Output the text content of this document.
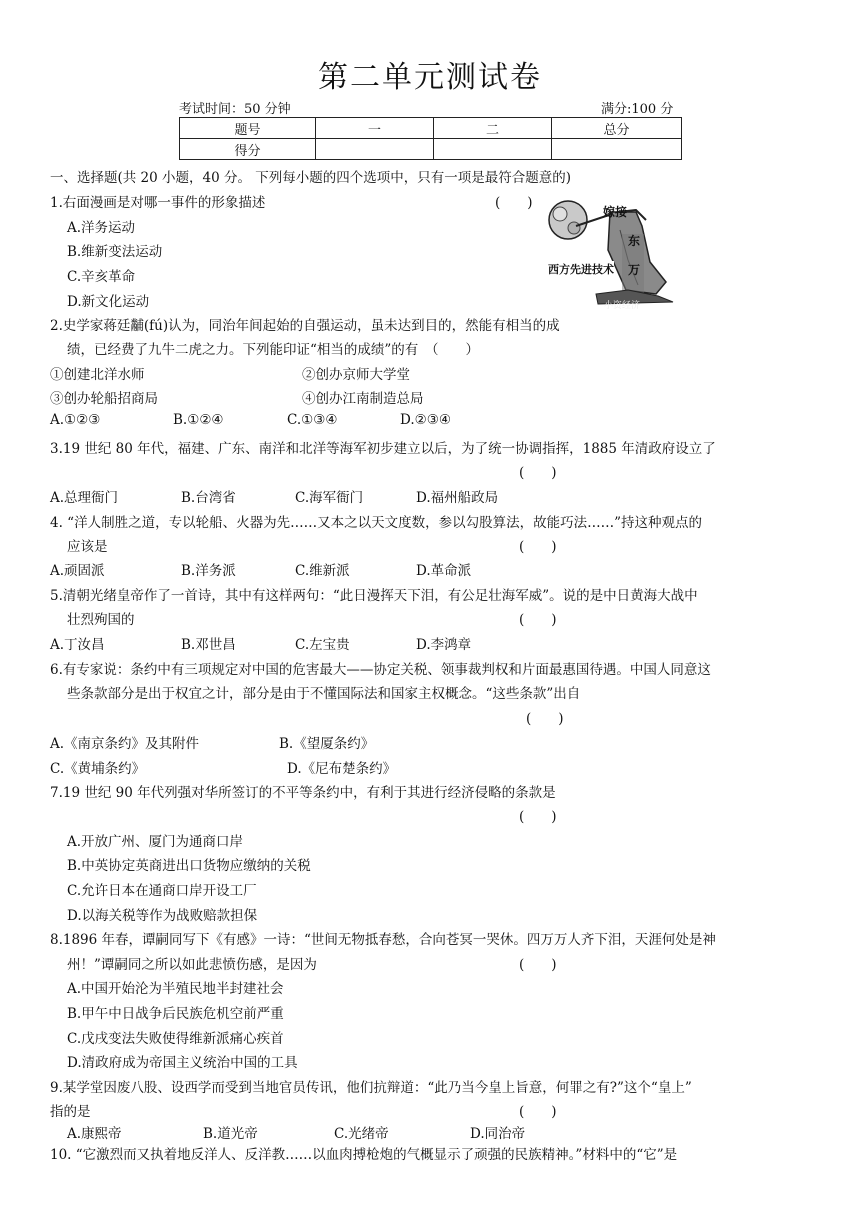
第二单元测试卷
考试时间：50 分钟	满分:100 分
题号	一	二	总分
得分			
一、选择题(共 20 小题，40 分。 下列每小题的四个选项中，只有一项是最符合题意的)
1.右面漫画是对哪一事件的形象描述	(　　)
A.洋务运动
B.维新变法运动
C.辛亥革命
D.新文化运动
嫁接
东
西方先进技术 万
小资经济
2.史学家蒋廷黼(fú)认为，同治年间起始的自强运动，虽未达到目的，然能有相当的成
绩，已经费了九牛二虎之力。下列能印证“相当的成绩”的有　（　　）
①创建北洋水师	②创办京师大学堂
③创办轮船招商局	④创办江南制造总局
A.①②③	B.①②④	C.①③④	D.②③④
3.19 世纪 80 年代，福建、广东、南洋和北洋等海军初步建立以后，为了统一协调指挥，1885 年清政府设立了
(　　)
A.总理衙门	B.台湾省	C.海军衙门	D.福州船政局
4. “洋人制胜之道，专以轮船、火器为先……又本之以天文度数，参以勾股算法，故能巧法……”持这种观点的
应该是	(　　)
A.顽固派	B.洋务派	C.维新派	D.革命派
5.清朝光绪皇帝作了一首诗，其中有这样两句：“此日漫挥天下泪，有公足壮海军威”。说的是中日黄海大战中
壮烈殉国的	(　　)
A.丁汝昌	B.邓世昌	C.左宝贵	D.李鸿章
6.有专家说：条约中有三项规定对中国的危害最大——协定关税、领事裁判权和片面最惠国待遇。中国人同意这
些条款部分是出于权宜之计，部分是由于不懂国际法和国家主权概念。“这些条款”出自
(　　)
A.《南京条约》及其附件	B.《望厦条约》
C.《黄埔条约》	D.《尼布楚条约》
7.19 世纪 90 年代列强对华所签订的不平等条约中，有利于其进行经济侵略的条款是
(　　)
A.开放广州、厦门为通商口岸
B.中英协定英商进出口货物应缴纳的关税
C.允许日本在通商口岸开设工厂
D.以海关税等作为战败赔款担保
8.1896 年春，谭嗣同写下《有感》一诗：“世间无物抵春愁，合向苍冥一哭休。四万万人齐下泪，天涯何处是神
州！”谭嗣同之所以如此悲愤伤感，是因为	(　　)
A.中国开始沦为半殖民地半封建社会
B.甲午中日战争后民族危机空前严重
C.戊戌变法失败使得维新派痛心疾首
D.清政府成为帝国主义统治中国的工具
9.某学堂因废八股、设西学而受到当地官员传讯，他们抗辩道：“此乃当今皇上旨意，何罪之有?”这个“皇上”
指的是	(　　)
A.康熙帝	B.道光帝	C.光绪帝	D.同治帝
10. “它激烈而又执着地反洋人、反洋教……以血肉搏枪炮的气概显示了顽强的民族精神。”材料中的“它”是
